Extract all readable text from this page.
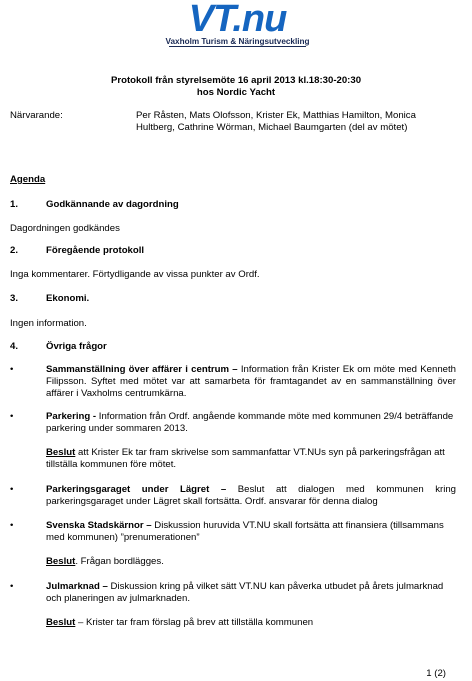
VT.nu
Vaxholm Turism & Näringsutveckling
Protokoll från styrelsemöte 16 april 2013 kl.18:30-20:30
hos Nordic Yacht
Närvarande:	Per Råsten, Mats Olofsson, Krister Ek, Matthias Hamilton, Monica
Hultberg, Cathrine Wörman, Michael Baumgarten (del av mötet)
Agenda
1.	Godkännande av dagordning
Dagordningen godkändes
2.	Föregående protokoll
Inga kommentarer. Förtydligande av vissa punkter av Ordf.
3.	Ekonomi.
Ingen information.
4.	Övriga frågor
•	Sammanställning över affärer i centrum – Information från Krister Ek om möte med Kenneth Filipsson. Syftet med mötet var att samarbeta för framtagandet av en sammanställning över affärer i Vaxholms centrumkärna.
•	Parkering - Information från Ordf. angående kommande möte med kommunen 29/4 beträffande parkering under sommaren 2013.
Beslut att Krister Ek tar fram skrivelse som sammanfattar VT.NUs syn på parkeringsfrågan att tillställa kommunen före mötet.
•	Parkeringsgaraget under Lägret – Beslut att dialogen med kommunen kring parkeringsgaraget under Lägret skall fortsätta. Ordf. ansvarar för denna dialog
•	Svenska Stadskärnor – Diskussion huruvida VT.NU skall fortsätta att finansiera (tillsammans med kommunen) ”prenumerationen”
Beslut. Frågan bordlägges.
•	Julmarknad – Diskussion kring på vilket sätt VT.NU kan påverka utbudet på årets julmarknad och planeringen av julmarknaden.
Beslut – Krister tar fram förslag på brev att tillställa kommunen
1 (2)
